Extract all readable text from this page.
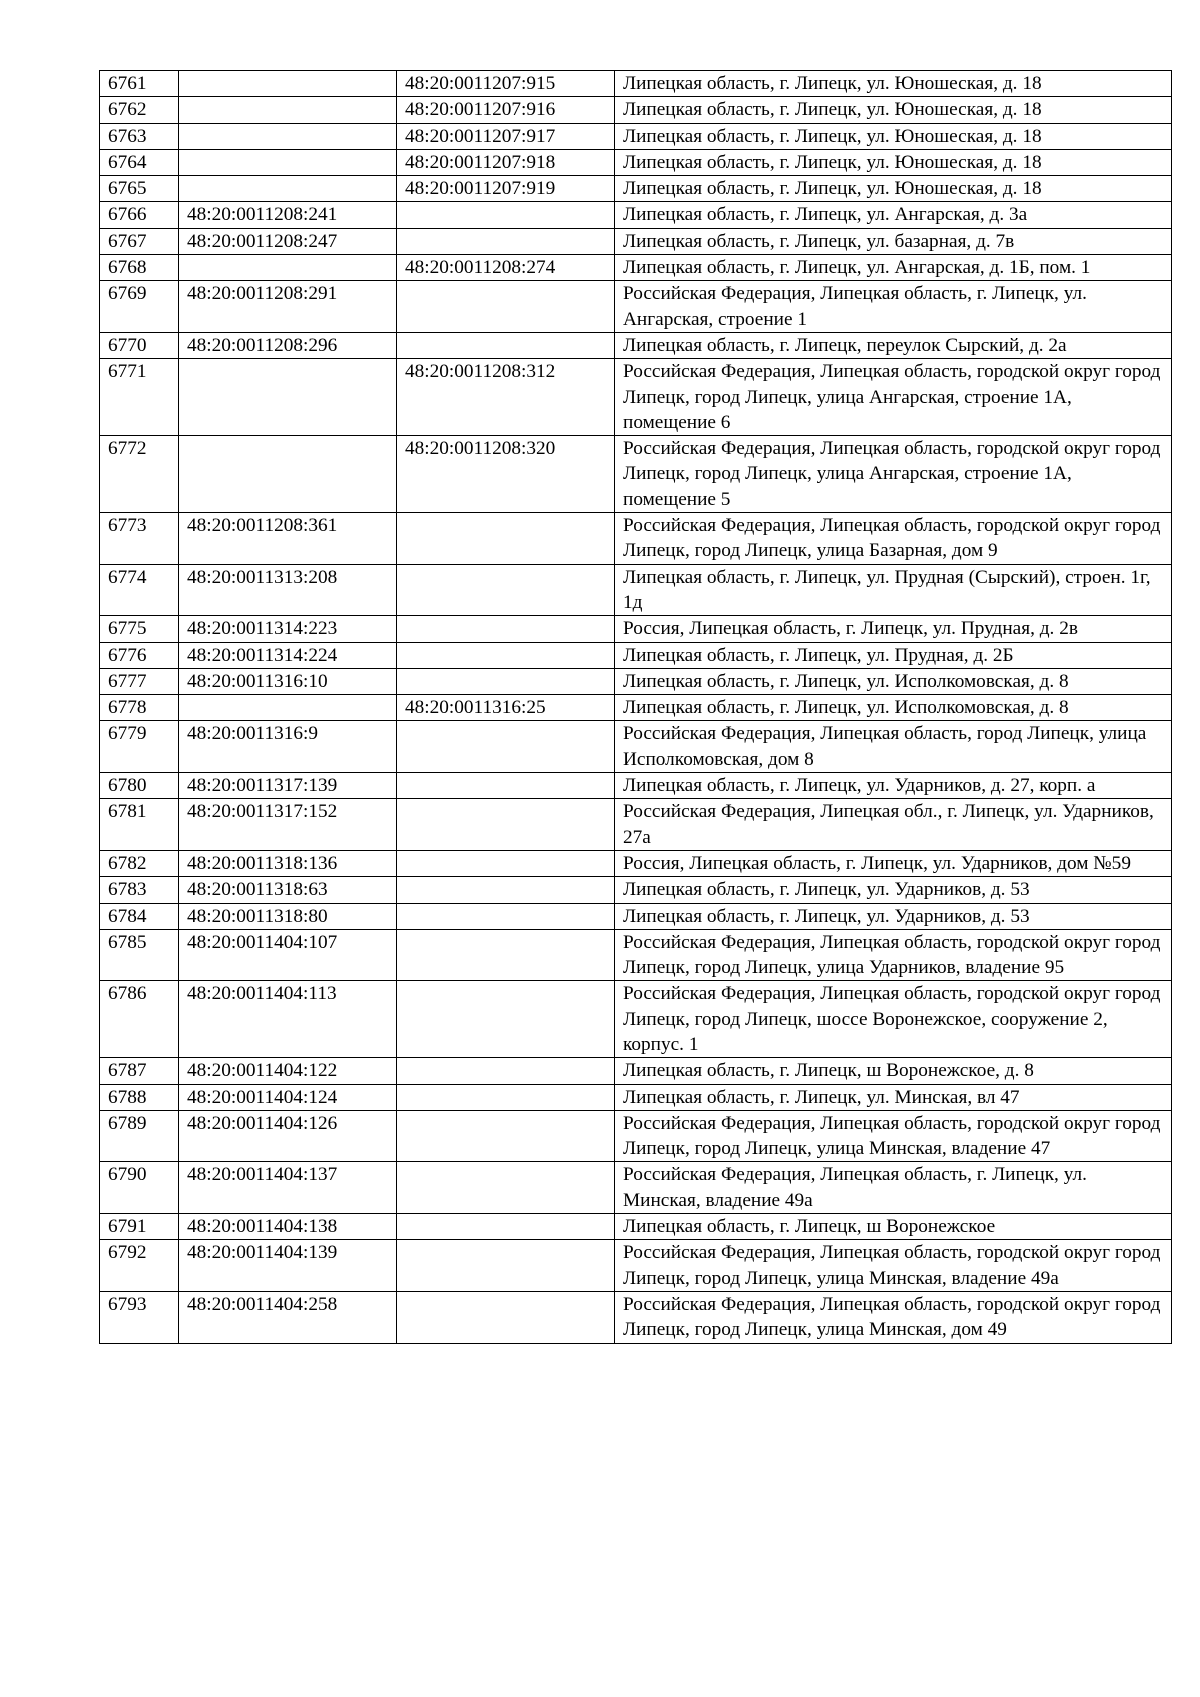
6761		48:20:0011207:915	Липецкая область, г. Липецк, ул. Юношеская, д. 18
6762		48:20:0011207:916	Липецкая область, г. Липецк, ул. Юношеская, д. 18
6763		48:20:0011207:917	Липецкая область, г. Липецк, ул. Юношеская, д. 18
6764		48:20:0011207:918	Липецкая область, г. Липецк, ул. Юношеская, д. 18
6765		48:20:0011207:919	Липецкая область, г. Липецк, ул. Юношеская, д. 18
6766	48:20:0011208:241		Липецкая область, г. Липецк, ул. Ангарская, д. 3а
6767	48:20:0011208:247		Липецкая область, г. Липецк, ул. базарная, д. 7в
6768		48:20:0011208:274	Липецкая область, г. Липецк, ул. Ангарская, д. 1Б, пом. 1
6769	48:20:0011208:291		Российская Федерация, Липецкая область, г. Липецк, ул. Ангарская, строение 1
6770	48:20:0011208:296		Липецкая область, г. Липецк, переулок Сырский, д. 2а
6771		48:20:0011208:312	Российская Федерация, Липецкая область, городской округ город Липецк, город Липецк, улица Ангарская, строение 1А, помещение 6
6772		48:20:0011208:320	Российская Федерация, Липецкая область, городской округ город Липецк, город Липецк, улица Ангарская, строение 1А, помещение 5
6773	48:20:0011208:361		Российская Федерация, Липецкая область, городской округ город Липецк, город Липецк, улица Базарная, дом 9
6774	48:20:0011313:208		Липецкая область, г. Липецк, ул. Прудная (Сырский), строен. 1г, 1д
6775	48:20:0011314:223		Россия, Липецкая область, г. Липецк, ул. Прудная, д. 2в
6776	48:20:0011314:224		Липецкая область, г. Липецк, ул. Прудная, д. 2Б
6777	48:20:0011316:10		Липецкая область, г. Липецк, ул. Исполкомовская, д. 8
6778		48:20:0011316:25	Липецкая область, г. Липецк, ул. Исполкомовская, д. 8
6779	48:20:0011316:9		Российская Федерация, Липецкая область, город Липецк, улица Исполкомовская, дом 8
6780	48:20:0011317:139		Липецкая область, г. Липецк, ул. Ударников, д. 27, корп. а
6781	48:20:0011317:152		Российская Федерация, Липецкая обл., г. Липецк, ул. Ударников, 27а
6782	48:20:0011318:136		Россия, Липецкая область, г. Липецк, ул. Ударников, дом №59
6783	48:20:0011318:63		Липецкая область, г. Липецк, ул. Ударников, д. 53
6784	48:20:0011318:80		Липецкая область, г. Липецк, ул. Ударников, д. 53
6785	48:20:0011404:107		Российская Федерация, Липецкая область, городской округ город Липецк, город Липецк, улица Ударников, владение 95
6786	48:20:0011404:113		Российская Федерация, Липецкая область, городской округ город Липецк, город Липецк, шоссе Воронежское, сооружение 2, корпус. 1
6787	48:20:0011404:122		Липецкая область, г. Липецк, ш Воронежское, д. 8
6788	48:20:0011404:124		Липецкая область, г. Липецк, ул. Минская, вл 47
6789	48:20:0011404:126		Российская Федерация, Липецкая область, городской округ город Липецк, город Липецк, улица Минская, владение 47
6790	48:20:0011404:137		Российская Федерация, Липецкая область, г. Липецк, ул. Минская, владение 49а
6791	48:20:0011404:138		Липецкая область, г. Липецк, ш Воронежское
6792	48:20:0011404:139		Российская Федерация, Липецкая область, городской округ город Липецк, город Липецк, улица Минская, владение 49а
6793	48:20:0011404:258		Российская Федерация, Липецкая область, городской округ город Липецк, город Липецк, улица Минская, дом 49
